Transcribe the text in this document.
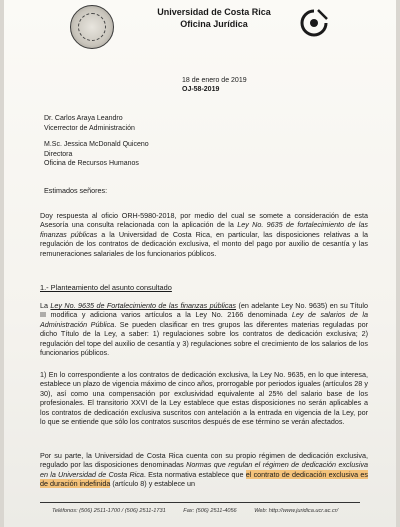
Universidad de Costa Rica
Oficina Jurídica
18 de enero de 2019
OJ-58-2019
Dr. Carlos Araya Leandro
Vicerrector de Administración
M.Sc. Jessica McDonald Quiceno
Directora
Oficina de Recursos Humanos
Estimados señores:
Doy respuesta al oficio ORH-5980-2018, por medio del cual se somete a consideración de esta Asesoría una consulta relacionada con la aplicación de la Ley No. 9635 de fortalecimiento de las finanzas públicas a la Universidad de Costa Rica, en particular, las disposiciones relativas a la regulación de los contratos de dedicación exclusiva, el monto del pago por auxilio de cesantía y las remuneraciones salariales de los funcionarios públicos.
1.- Planteamiento del asunto consultado
La Ley No. 9635 de Fortalecimiento de las finanzas públicas (en adelante Ley No. 9635) en su Título III modifica y adiciona varios artículos a la Ley No. 2166 denominada Ley de salarios de la Administración Pública. Se pueden clasificar en tres grupos las diferentes materias reguladas por dicho Título de la Ley, a saber: 1) regulaciones sobre los contratos de dedicación exclusiva; 2) regulación del tope del auxilio de cesantía y 3) regulaciones sobre el crecimiento de los salarios de los funcionarios públicos.
1) En lo correspondiente a los contratos de dedicación exclusiva, la Ley No. 9635, en lo que interesa, establece un plazo de vigencia máximo de cinco años, prorrogable por periodos iguales (artículos 28 y 30), así como una compensación por exclusividad equivalente al 25% del salario base de los profesionales. El transitorio XXVI de la Ley establece que estas disposiciones no serán aplicables a los contratos de dedicación exclusiva suscritos con antelación a la entrada en vigencia de la Ley, por lo que se entiende que sólo los contratos suscritos después de ese término se verán afectados.
Por su parte, la Universidad de Costa Rica cuenta con su propio régimen de dedicación exclusiva, regulado por las disposiciones denominadas Normas que regulan el régimen de dedicación exclusiva en la Universidad de Costa Rica. Esta normativa establece que el contrato de dedicación exclusiva es de duración indefinida (artículo 8) y establece un
Teléfonos: (506) 2511-1700 / (506) 2511-1731	Fax: (506) 2511-4056	Web: http://www.juridica.ucr.ac.cr/
